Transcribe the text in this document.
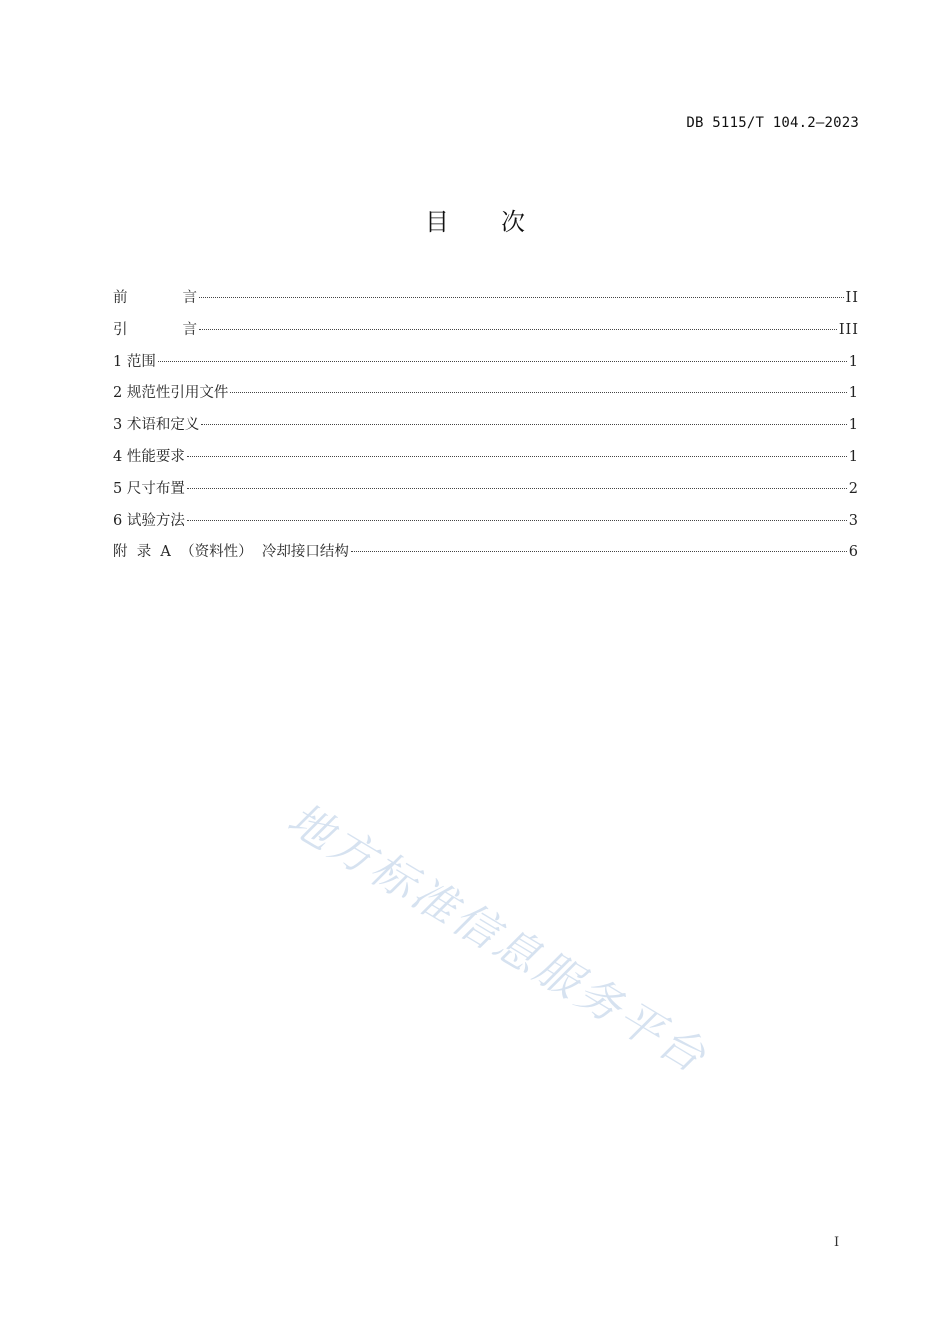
DB 5115/T 104.2—2023
目 次
前	言	II
引	言	III
1 范围	1
2 规范性引用文件	1
3 术语和定义	1
4 性能要求	1
5 尺寸布置	2
6 试验方法	3
附  录  A  （资料性）  冷却接口结构	6
地方标准信息服务平台
I
